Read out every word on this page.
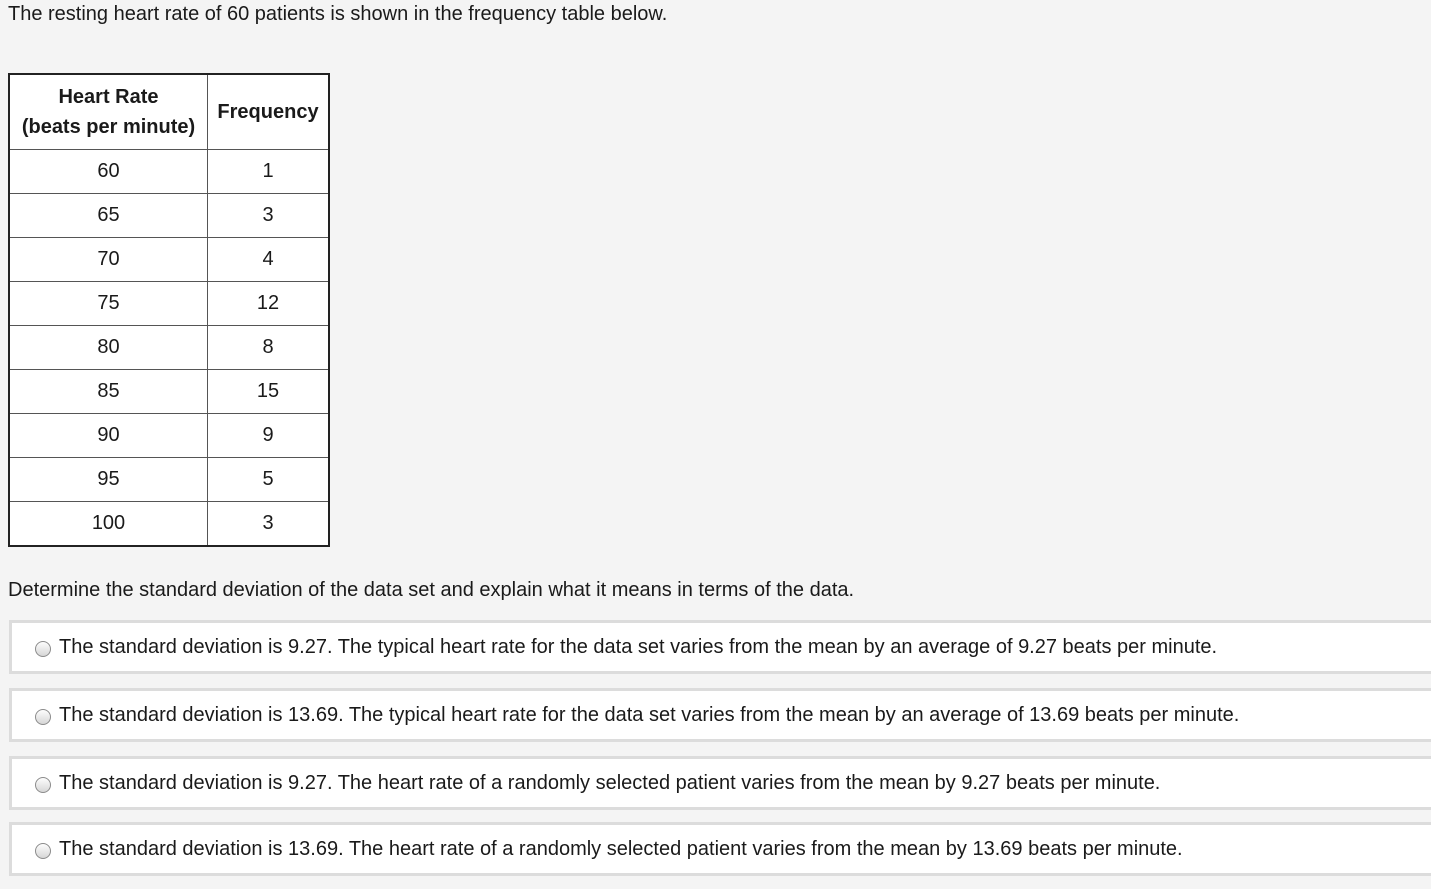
The resting heart rate of 60 patients is shown in the frequency table below.
Heart Rate
(beats per minute)	Frequency
60	1
65	3
70	4
75	12
80	8
85	15
90	9
95	5
100	3
Determine the standard deviation of the data set and explain what it means in terms of the data.
The standard deviation is 9.27. The typical heart rate for the data set varies from the mean by an average of 9.27 beats per minute.
The standard deviation is 13.69. The typical heart rate for the data set varies from the mean by an average of 13.69 beats per minute.
The standard deviation is 9.27. The heart rate of a randomly selected patient varies from the mean by 9.27 beats per minute.
The standard deviation is 13.69. The heart rate of a randomly selected patient varies from the mean by 13.69 beats per minute.
